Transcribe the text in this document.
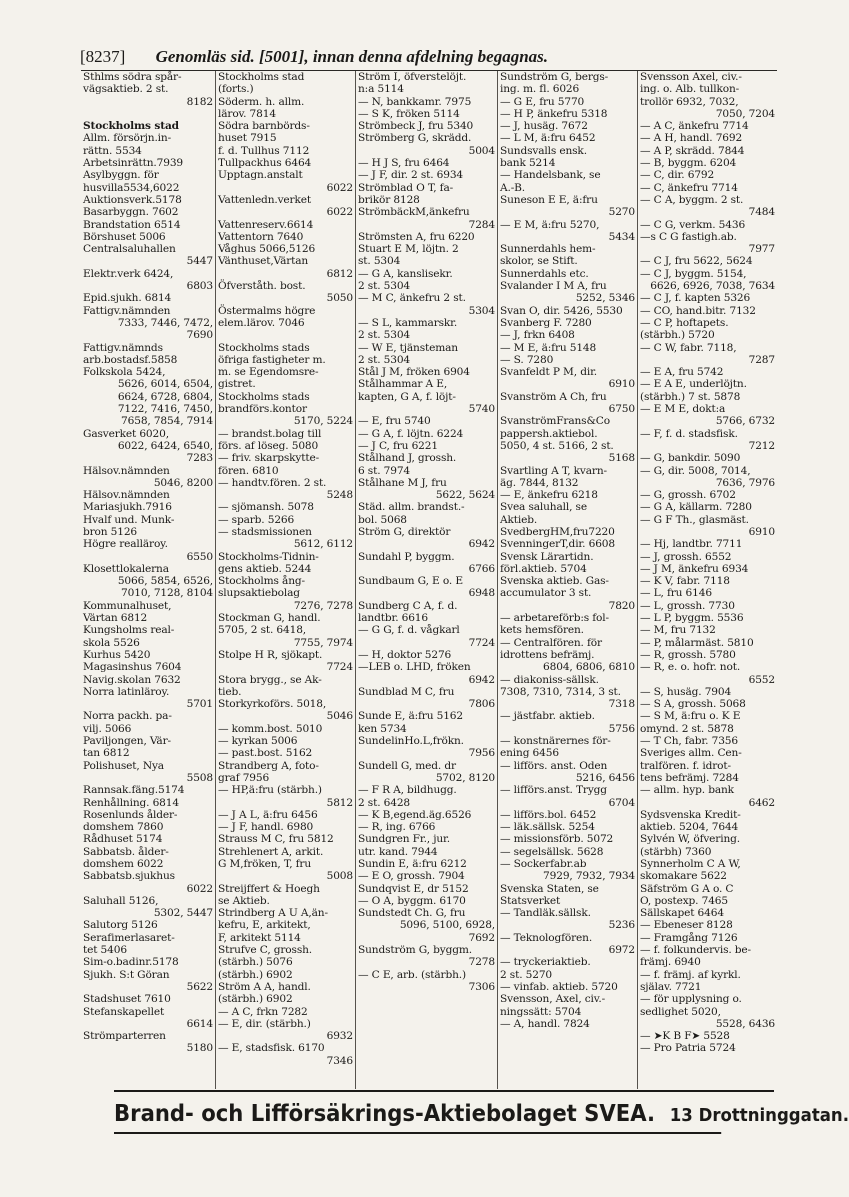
[8237] Genomläs sid. [5001], innan denna afdelning begagnas.
Sthlms södra spår-
vägsaktieb. 2 st.
8182
Stockholms stad
Allm. försörjn.in-
rättn. 5534
Arbetsinrättn.7939
Asylbyggn. för
husvilla5534,6022
Auktionsverk.5178
Basarbyggn. 7602
Brandstation 6514
Börshuset 5006
Centralsaluhallen
5447
Elektr.verk 6424,
6803
Epid.sjukh. 6814
Fattigv.nämnden
7333, 7446, 7472,
7690
Fattigv.nämnds
arb.bostadsf.5858
Folkskola 5424,
5626, 6014, 6504,
6624, 6728, 6804,
7122, 7416, 7450,
7658, 7854, 7914
Gasverket 6020,
6022, 6424, 6540,
7283
Hälsov.nämnden
5046, 8200
Hälsov.nämnden
Mariasjukh.7916
Hvalf und. Munk-
bron 5126
Högre realläroy.
6550
Klosettlokalerna
5066, 5854, 6526,
7010, 7128, 8104
Kommunalhuset,
Värtan 6812
Kungsholms real-
skola 5526
Kurhus 5420
Magasinshus 7604
Navig.skolan 7632
Norra latinläroy.
5701
Norra packh. pa-
vilj. 5066
Paviljongen, Vär-
tan 6812
Polishuset, Nya
5508
Rannsak.fäng.5174
Renhållning. 6814
Rosenlunds ålder-
domshem 7860
Rådhuset 5174
Sabbatsb. ålder-
domshem 6022
Sabbatsb.sjukhus
6022
Saluhall 5126,
5302, 5447
Salutorg 5126
Serafimerlasaret-
tet 5406
Sim-o.badinr.5178
Sjukh. S:t Göran
5622
Stadshuset 7610
Stefanskapellet
6614
Strömparterren
5180
Stockholms stad
(forts.)
Söderm. h. allm.
lärov. 7814
Södra barnbörds-
huset 7915
f. d. Tullhus 7112
Tullpackhus 6464
Upptagn.anstalt
6022
Vattenledn.verket
6022
Vattenreserv.6614
Vattentorn 7640
Våghus 5066,5126
Vänthuset,Värtan
6812
Öfverståth. bost.
5050
Östermalms högre
elem.lärov. 7046
Stockholms stads
öfriga fastigheter m.
m. se Egendomsre-
gistret.
Stockholms stads
brandförs.kontor
5170, 5224
— brandst.bolag till
förs. af löseg. 5080
— friv. skarpskytte-
fören. 6810
— handtv.fören. 2 st.
5248
— sjömansh. 5078
— sparb. 5266
— stadsmissionen
5612, 6112
Stockholms-Tidnin-
gens aktieb. 5244
Stockholms ång-
slupsaktiebolag
7276, 7278
Stockman G, handl.
5705, 2 st. 6418,
7755, 7974
Stolpe H R, sjökapt.
7724
Stora brygg., se Ak-
tieb.
Storkyrkoförs. 5018,
5046
— komm.bost. 5010
— kyrkan 5006
— past.bost. 5162
Strandberg A, foto-
graf 7956
— HP,ä:fru (stärbh.)
5812
— J A L, ä:fru 6456
— J F, handl. 6980
Strauss M C, fru 5812
Strehlenert A, arkit.
G M,fröken, T, fru
5008
Streijffert & Hoegh
se Aktieb.
Strindberg A U A,än-
kefru, E, arkitekt,
F, arkitekt 5114
Strufve C, grossh.
(stärbh.) 5076
(stärbh.) 6902
Ström A A, handl.
(stärbh.) 6902
— A C, frkn 7282
— E, dir. (stärbh.)
6932
— E, stadsfisk. 6170
7346
Ström I, öfverstelöjt.
n:a 5114
— N, bankkamr. 7975
— S K, fröken 5114
Strömbeck J, fru 5340
Strömberg G, skrädd.
5004
— H J S, fru 6464
— J F, dir. 2 st. 6934
Strömblad O T, fa-
brikör 8128
StrömbäckM,änkefru
7284
Strömsten A, fru 6220
Stuart E M, löjtn. 2
st. 5304
— G A, kanslisekr.
2 st. 5304
— M C, änkefru 2 st.
5304
— S L, kammarskr.
2 st. 5304
— W E, tjänsteman
2 st. 5304
Stål J M, fröken 6904
Stålhammar A E,
kapten, G A, f. löjt-
5740
— E, fru 5740
— G A, f. löjtn. 6224
— J C, fru 6221
Stålhand J, grossh.
6 st. 7974
Stålhane M J, fru
5622, 5624
Städ. allm. brandst.-
bol. 5068
Ström G, direktör
6942
Sundahl P, byggm.
6766
Sundbaum G, E o. E
6948
Sundberg C A, f. d.
landtbr. 6616
— G G, f. d. vågkarl
7724
— H, doktor 5276
—LEB o. LHD, fröken
6942
Sundblad M C, fru
7806
Sunde E, ä:fru 5162
ken 5734
SundelinHo.L,frökn.
7956
Sundell G, med. dr
5702, 8120
— F R A, bildhugg.
2 st. 6428
— K B,egend.äg.6526
— R, ing. 6766
Sundgren Fr., jur.
utr. kand. 7944
Sundin E, ä:fru 6212
— E O, grossh. 7904
Sundqvist E, dr 5152
— O A, byggm. 6170
Sundstedt Ch. G, fru
5096, 5100, 6928,
7692
Sundström G, byggm.
7278
— C E, arb. (stärbh.)
7306
Sundström G, bergs-
ing. m. fl. 6026
— G E, fru 5770
— H P, änkefru 5318
— J, husäg. 7672
— L M, ä:fru 6452
Sundsvalls ensk.
bank 5214
— Handelsbank, se
A.-B.
Suneson E E, ä:fru
5270
— E M, ä:fru 5270,
5434
Sunnerdahls hem-
skolor, se Stift.
Sunnerdahls etc.
Svalander I M A, fru
5252, 5346
Svan O, dir. 5426, 5530
Svanberg F. 7280
— J, frkn 6408
— M E, ä:fru 5148
— S. 7280
Svanfeldt P M, dir.
6910
Svanström A Ch, fru
6750
SvanströmFrans&Co
pappersh.aktiebol.
5050, 4 st. 5166, 2 st.
5168
Svartling A T, kvarn-
äg. 7844, 8132
— E, änkefru 6218
Svea saluhall, se
Aktieb.
SvedbergHM,fru7220
SvenningerT,dir. 6608
Svensk Lärartidn.
förl.aktieb. 5704
Svenska aktieb. Gas-
accumulator 3 st.
7820
— arbetareförb:s fol-
kets hemsfören.
— Centralfören. för
idrottens befrämj.
6804, 6806, 6810
— diakoniss-sällsk.
7308, 7310, 7314, 3 st.
7318
— jästfabr. aktieb.
5756
— konstnärernes för-
ening 6456
— lifförs. anst. Oden
5216, 6456
— lifförs.anst. Trygg
6704
— lifförs.bol. 6452
— läk.sällsk. 5254
— missionsförb. 5072
— segelsällsk. 5628
— Sockerfabr.ab
7929, 7932, 7934
Svenska Staten, se
Statsverket
— Tandläk.sällsk.
5236
— Teknologfören.
6972
— tryckeriaktieb.
2 st. 5270
— vinfab. aktieb. 5720
Svensson, Axel, civ.-
ningssätt: 5704
— A, handl. 7824
Svensson Axel, civ.-
ing. o. Alb. tullkon-
trollör 6932, 7032,
7050, 7204
— A C, änkefru 7714
— A H, handl. 7692
— A P, skrädd. 7844
— B, byggm. 6204
— C, dir. 6792
— C, änkefru 7714
— C A, byggm. 2 st.
7484
— C G, verkm. 5436
—s C G fastigh.ab.
7977
— C J, fru 5622, 5624
— C J, byggm. 5154,
6626, 6926, 7038, 7634
— C J, f. kapten 5326
— CO, hand.bitr. 7132
— C P, hoftapets.
(stärbh.) 5720
— C W, fabr. 7118,
7287
— E A, fru 5742
— E A E, underlöjtn.
(stärbh.) 7 st. 5878
— E M E, dokt:a
5766, 6732
— F, f. d. stadsfisk.
7212
— G, bankdir. 5090
— G, dir. 5008, 7014,
7636, 7976
— G, grossh. 6702
— G A, källarm. 7280
— G F Th., glasmäst.
6910
— Hj, landtbr. 7711
— J, grossh. 6552
— J M, änkefru 6934
— K V, fabr. 7118
— L, fru 6146
— L, grossh. 7730
— L P, byggm. 5536
— M, fru 7132
— P, målarmäst. 5810
— R, grossh. 5780
— R, e. o. hofr. not.
6552
— S, husäg. 7904
— S A, grossh. 5068
— S M, ä:fru o. K E
omynd. 2 st. 5878
— T Ch, fabr. 7356
Sveriges allm. Cen-
tralfören. f. idrot-
tens befrämj. 7284
— allm. hyp. bank
6462
Sydsvenska Kredit-
aktieb. 5204, 7644
Sylvén W, öfvering.
(stärbh) 7360
Synnerholm C A W,
skomakare 5622
Säfström G A o. C
O, postexp. 7465
Sällskapet 6464
— Ebeneser 8128
— Framgång 7126
— f. folkundervis. be-
främj. 6940
— f. främj. af kyrkl.
själav. 7721
— för upplysning o.
sedlighet 5020,
5528, 6436
— ➤K B F➤ 5528
— Pro Patria 5724
Brand- och Lifförsäkrings-Aktiebolaget SVEA. 13 Drottninggatan.
